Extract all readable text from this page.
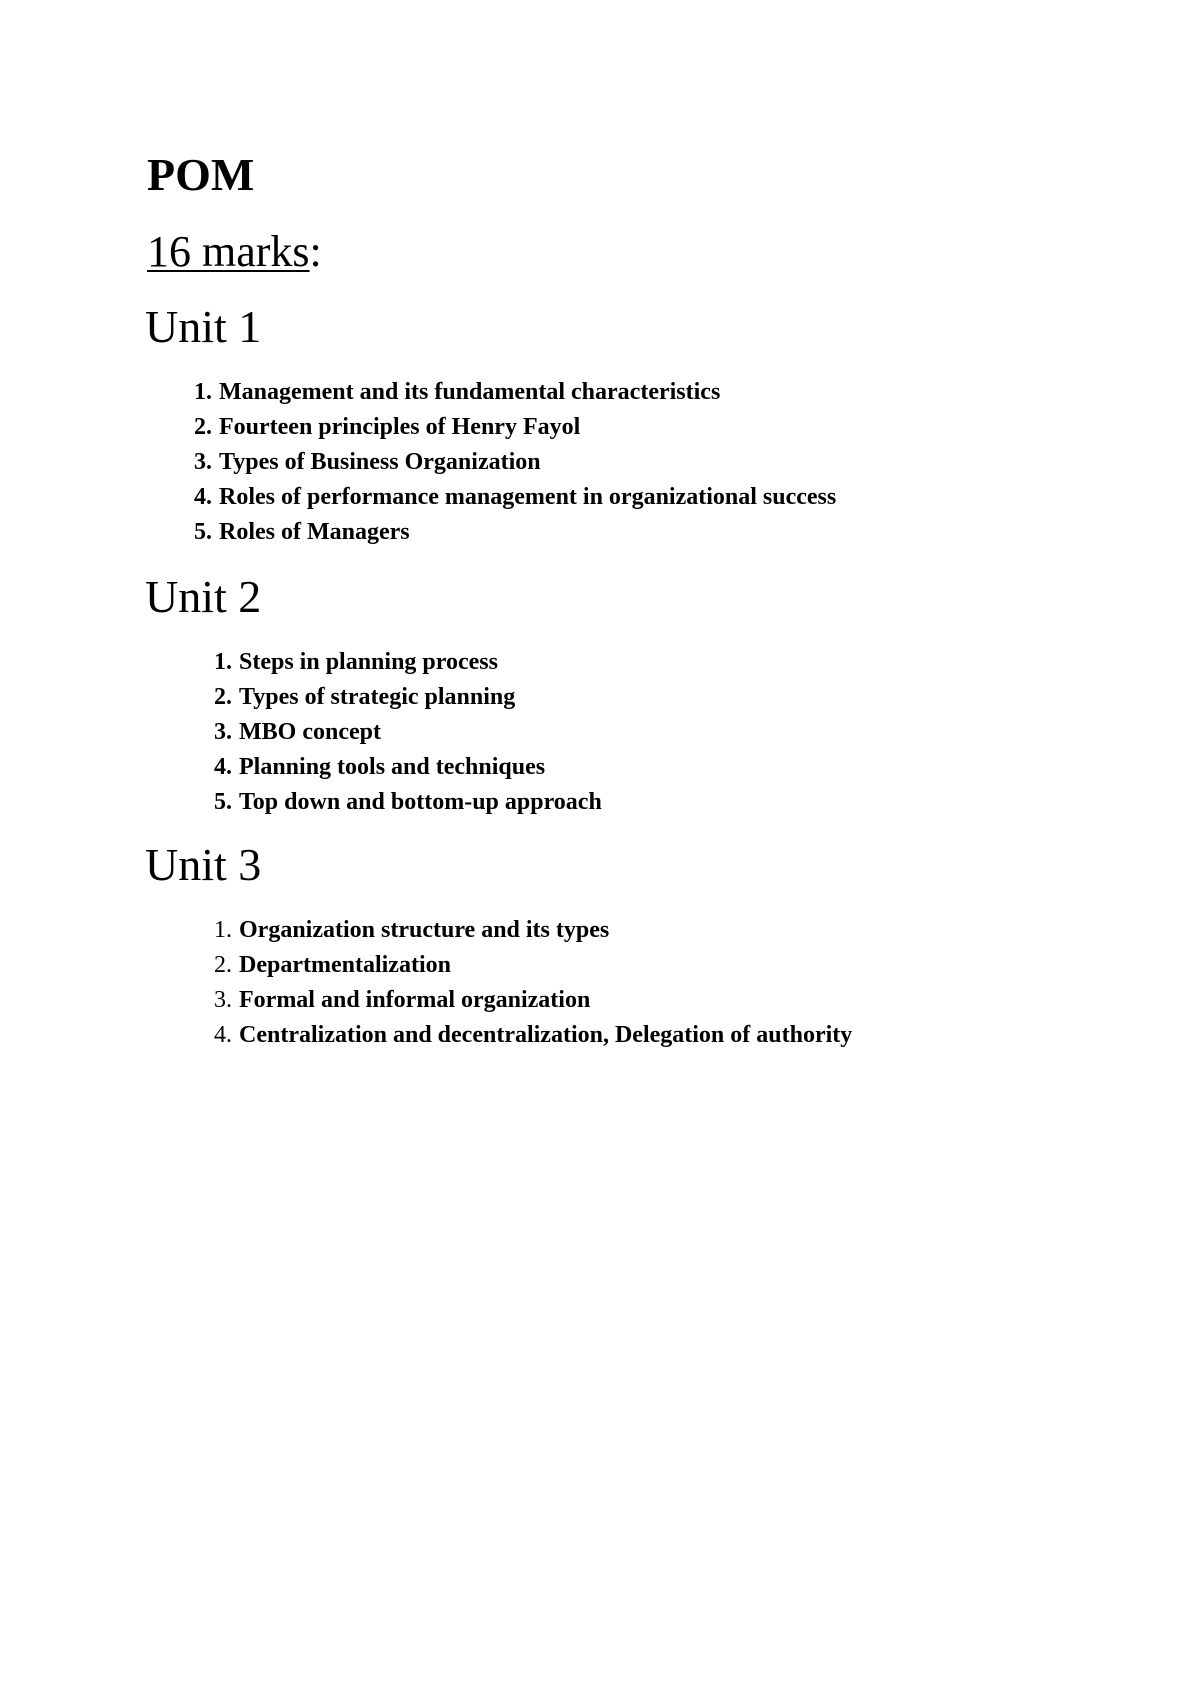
POM
16 marks:
Unit 1
1. Management and its fundamental characteristics
2. Fourteen principles of Henry Fayol
3. Types of Business Organization
4. Roles of performance management in organizational success
5. Roles of Managers
Unit 2
1. Steps in planning process
2. Types of strategic planning
3. MBO concept
4. Planning tools and techniques
5. Top down and bottom-up approach
Unit 3
1. Organization structure and its types
2. Departmentalization
3. Formal and informal organization
4. Centralization and decentralization, Delegation of authority
